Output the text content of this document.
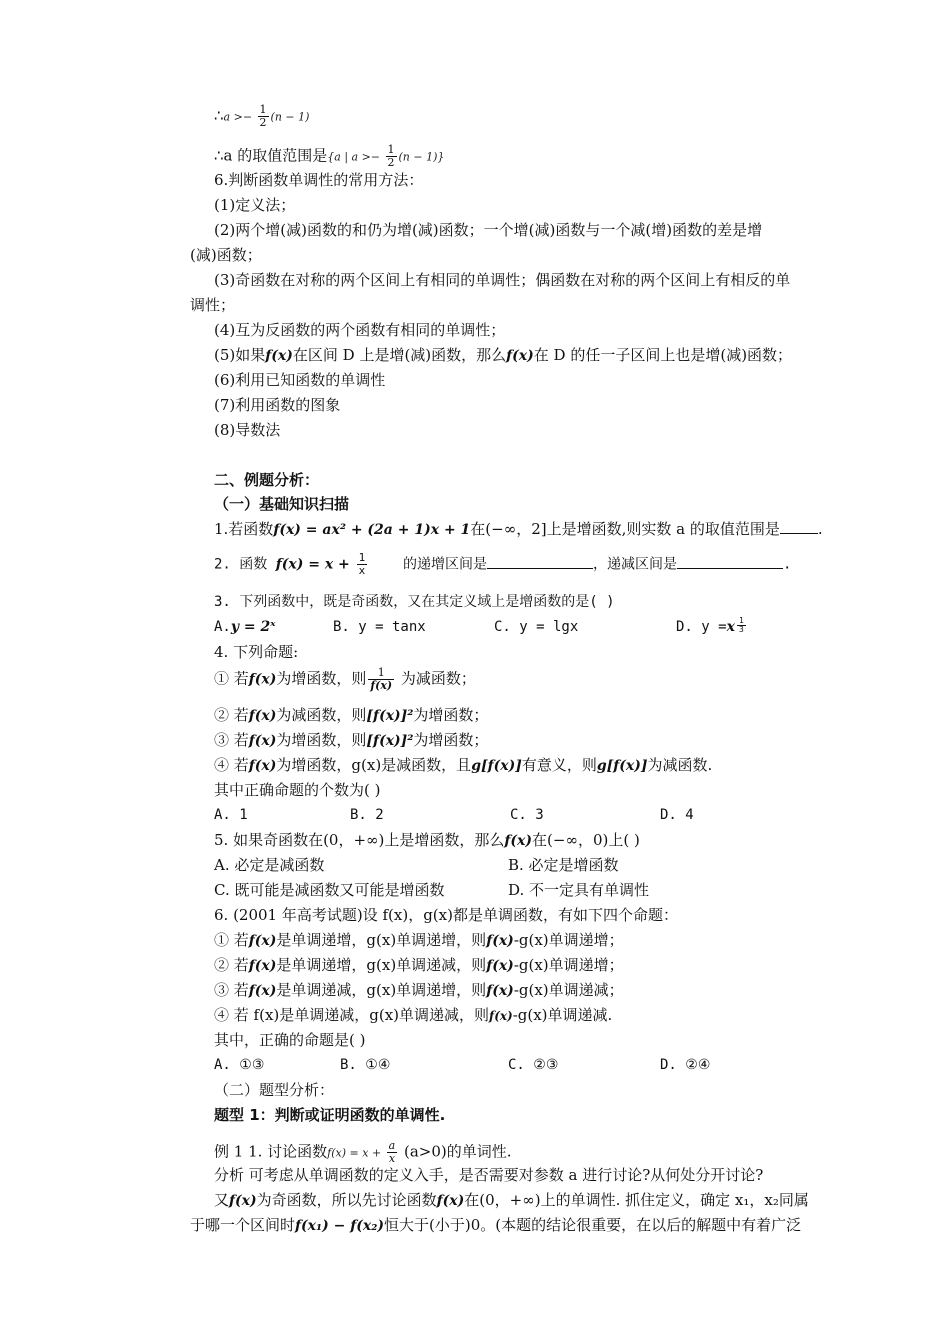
∴a >− $\frac{1}{2} (n - 1)$
∴a 的取值范围是{a | $a >- \frac{1}{2} (n - 1)$}
6.判断函数单调性的常用方法：
(1)定义法；
(2)两个增(减)函数的和仍为增(减)函数；一个增(减)函数与一个减(增)函数的差是增
(减)函数；
(3)奇函数在对称的两个区间上有相同的单调性；偶函数在对称的两个区间上有相反的单
调性；
(4)互为反函数的两个函数有相同的单调性；
(5)如果f(x)在区间 D 上是增(减)函数，那么f(x)在 D 的任一子区间上也是增(减)函数；
(6)利用已知函数的单调性
(7)利用函数的图象
(8)导数法
二、例题分析：
（一）基础知识扫描
1.若函数f(x) = ax² + (2a + 1)x + 1在(−∞，2]上是增函数,则实数 a 的取值范围是	.
2. 函数 $f(x) = x + \frac{1}{x}$	的递增区间是	，递减区间是	.
3. 下列函数中，既是奇函数，又在其定义域上是增函数的是( )
A.y = 2ˣ	B. y = tanx	C. y = lgx	D. $y =x \frac{1}{3}$
4. 下列命题:
① 若f(x)为增函数，则 $\frac{1}{f(x)}$ 为减函数；
② 若f(x)为减函数，则[f(x)]²为增函数；
③ 若f(x)为增函数，则[f(x)]²为增函数；
④ 若f(x)为增函数，g(x)是减函数，且g[f(x)]有意义，则g[f(x)]为减函数.
其中正确命题的个数为( )
A. 1	B. 2	C. 3	D. 4
5. 如果奇函数在(0，+∞)上是增函数，那么f(x)在(−∞，0)上( )
A. 必定是减函数	B. 必定是增函数
C. 既可能是减函数又可能是增函数	D. 不一定具有单调性
6. (2001 年高考试题)设 f(x)，g(x)都是单调函数，有如下四个命题：
① 若f(x)是单调递增，g(x)单调递增，则f(x)-g(x)单调递增；
② 若f(x)是单调递增，g(x)单调递减，则f(x)-g(x)单调递增；
③ 若f(x)是单调递减，g(x)单调递增，则f(x)-g(x)单调递减；
④ 若 f(x)是单调递减，g(x)单调递减，则f(x)-g(x)单调递减.
其中，正确的命题是( )
A. ①③	B. ①④	C. ②③	D. ②④
（二）题型分析：
题型 1：判断或证明函数的单调性.
例 1 1. 讨论函数$f(x) = x + \frac{a}{x} (a>0)$的单词性.
分析 可考虑从单调函数的定义入手，是否需要对参数 a 进行讨论?从何处分开讨论?
又f(x)为奇函数，所以先讨论函数f(x)在(0，+∞)上的单调性. 抓住定义，确定 x₁，x₂同属
于哪一个区间时f(x₁) − f(x₂)恒大于(小于)0。(本题的结论很重要，在以后的解题中有着广泛
